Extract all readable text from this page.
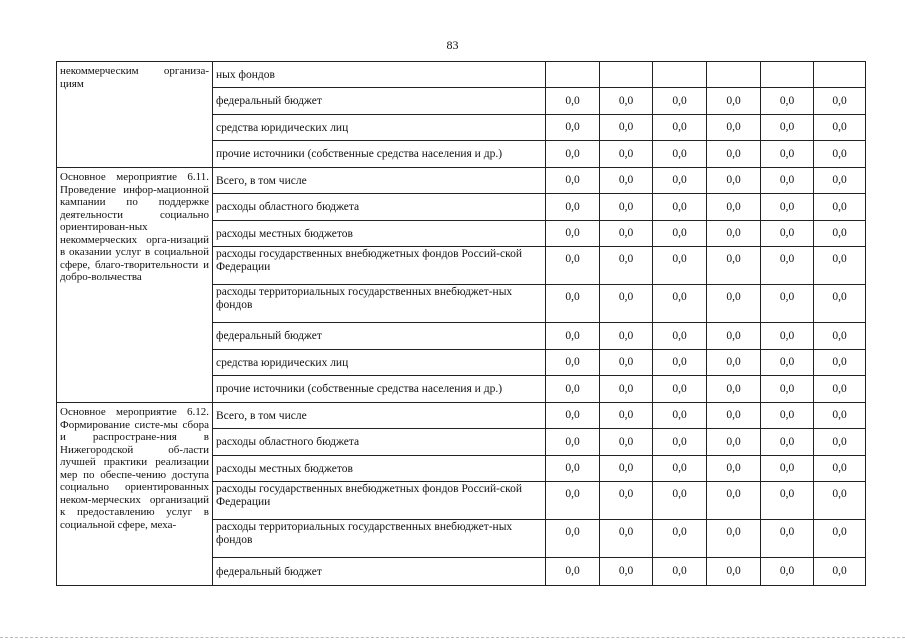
83
некоммерческим организа-циям	ных фондов						
	федеральный бюджет	0,0	0,0	0,0	0,0	0,0	0,0
	средства юридических лиц	0,0	0,0	0,0	0,0	0,0	0,0
	прочие источники (собственные средства населения и др.)	0,0	0,0	0,0	0,0	0,0	0,0
Основное мероприятие 6.11. Проведение инфор-мационной кампании по поддержке деятельности социально ориентирован-ных некоммерческих орга-низаций в оказании услуг в социальной сфере, благо-творительности и добро-вольчества	Всего, в том числе	0,0	0,0	0,0	0,0	0,0	0,0
	расходы областного бюджета	0,0	0,0	0,0	0,0	0,0	0,0
	расходы местных бюджетов	0,0	0,0	0,0	0,0	0,0	0,0
	расходы государственных внебюджетных фондов Россий-ской Федерации	0,0	0,0	0,0	0,0	0,0	0,0
	расходы территориальных государственных внебюджет-ных фондов	0,0	0,0	0,0	0,0	0,0	0,0
	федеральный бюджет	0,0	0,0	0,0	0,0	0,0	0,0
	средства юридических лиц	0,0	0,0	0,0	0,0	0,0	0,0
	прочие источники (собственные средства населения и др.)	0,0	0,0	0,0	0,0	0,0	0,0
Основное мероприятие 6.12. Формирование систе-мы сбора и распростране-ния в Нижегородской об-ласти лучшей практики реализации мер по обеспе-чению доступа социально ориентированных неком-мерческих организаций к предоставлению услуг в социальной сфере, меха-	Всего, в том числе	0,0	0,0	0,0	0,0	0,0	0,0
	расходы областного бюджета	0,0	0,0	0,0	0,0	0,0	0,0
	расходы местных бюджетов	0,0	0,0	0,0	0,0	0,0	0,0
	расходы государственных внебюджетных фондов Россий-ской Федерации	0,0	0,0	0,0	0,0	0,0	0,0
	расходы территориальных государственных внебюджет-ных фондов	0,0	0,0	0,0	0,0	0,0	0,0
	федеральный бюджет	0,0	0,0	0,0	0,0	0,0	0,0
